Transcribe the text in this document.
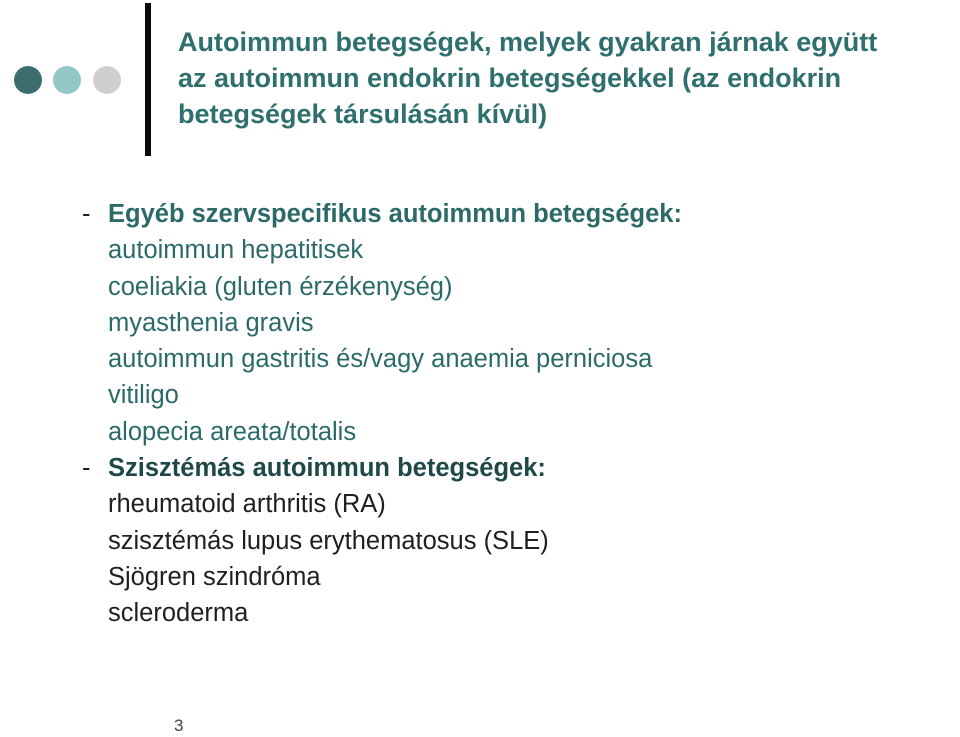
Autoimmun betegségek, melyek gyakran járnak együtt
az autoimmun endokrin betegségekkel (az endokrin
betegségek társulásán kívül)
- Egyéb szervspecifikus autoimmun betegségek:
autoimmun hepatitisek
coeliakia (gluten érzékenység)
myasthenia gravis
autoimmun gastritis és/vagy anaemia perniciosa
vitiligo
alopecia areata/totalis
- Szisztémás autoimmun betegségek:
rheumatoid arthritis (RA)
szisztémás lupus erythematosus (SLE)
Sjögren szindróma
scleroderma
3
